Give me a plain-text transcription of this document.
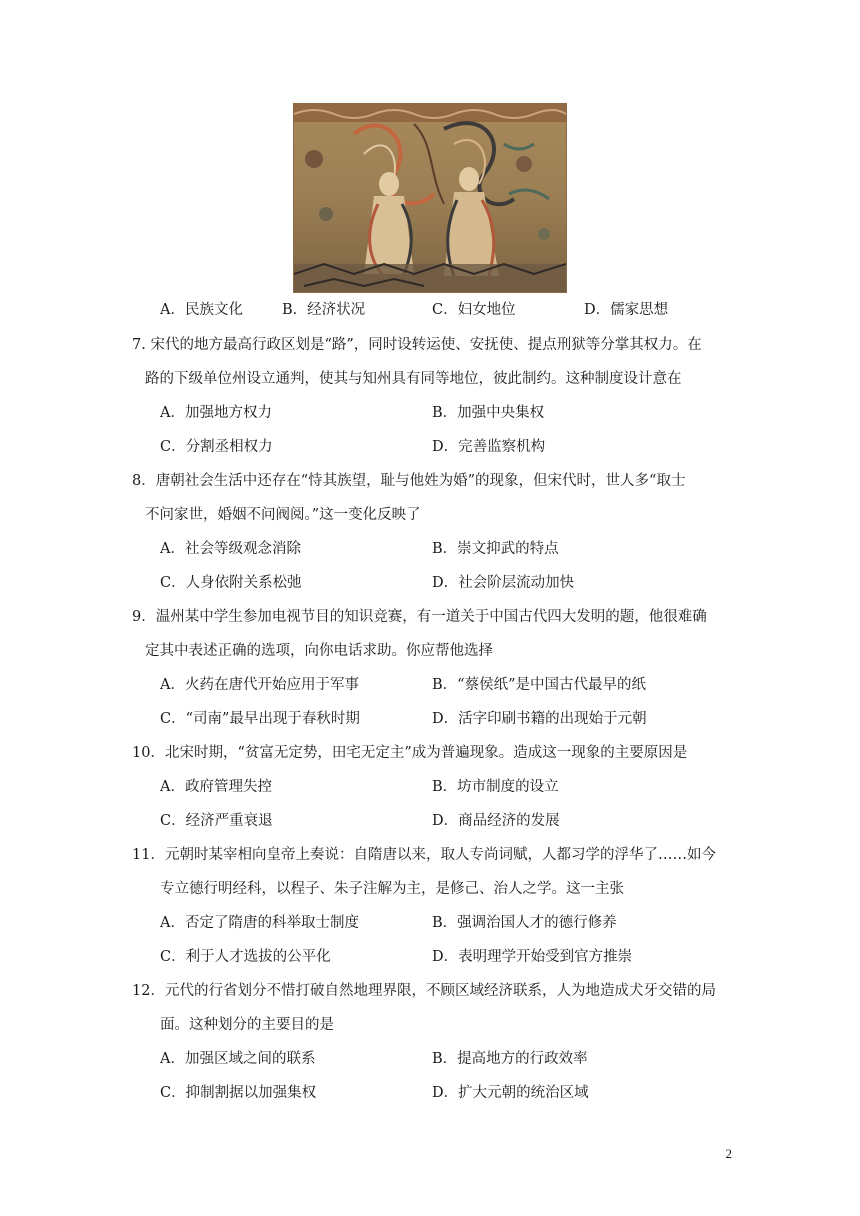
A．民族文化	B．经济状况	C．妇女地位	D．儒家思想
7. 宋代的地方最高行政区划是“路”，同时设转运使、安抚使、提点刑狱等分掌其权力。在
路的下级单位州设立通判，使其与知州具有同等地位，彼此制约。这种制度设计意在
A．加强地方权力	B．加强中央集权
C．分割丞相权力	D．完善监察机构
8．唐朝社会生活中还存在“恃其族望，耻与他姓为婚”的现象，但宋代时，世人多“取士
不问家世，婚姻不问阀阅。”这一变化反映了
A．社会等级观念消除	B．崇文抑武的特点
C．人身依附关系松弛	D．社会阶层流动加快
9．温州某中学生参加电视节目的知识竞赛，有一道关于中国古代四大发明的题，他很难确
定其中表述正确的选项，向你电话求助。你应帮他选择
A．火药在唐代开始应用于军事	B．“蔡侯纸”是中国古代最早的纸
C．“司南”最早出现于春秋时期	D．活字印刷书籍的出现始于元朝
10．北宋时期，“贫富无定势，田宅无定主”成为普遍现象。造成这一现象的主要原因是
A．政府管理失控	B．坊市制度的设立
C．经济严重衰退	D．商品经济的发展
11．元朝时某宰相向皇帝上奏说：自隋唐以来，取人专尚词赋，人都习学的浮华了……如今
专立德行明经科，以程子、朱子注解为主，是修己、治人之学。这一主张
A．否定了隋唐的科举取士制度	B．强调治国人才的德行修养
C．利于人才选拔的公平化	D．表明理学开始受到官方推崇
12．元代的行省划分不惜打破自然地理界限，不顾区域经济联系，人为地造成犬牙交错的局
面。这种划分的主要目的是
A．加强区域之间的联系	B．提高地方的行政效率
C．抑制割据以加强集权	D．扩大元朝的统治区域
2
